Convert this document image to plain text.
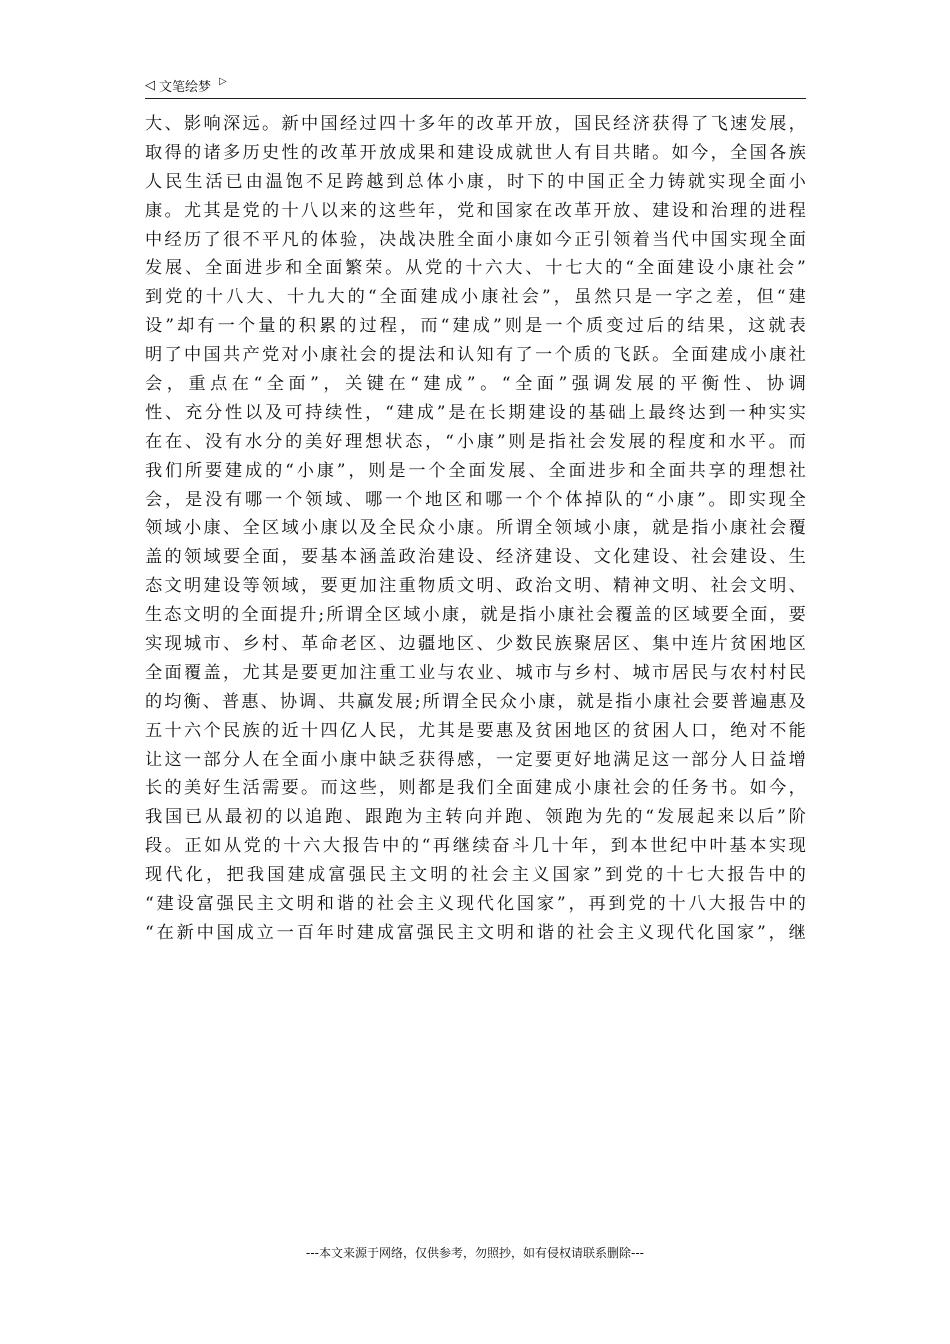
◁ 文笔绘梦 ▷
大、影响深远。新中国经过四十多年的改革开放，国民经济获得了飞速发展，
取得的诸多历史性的改革开放成果和建设成就世人有目共睹。如今，全国各族
人民生活已由温饱不足跨越到总体小康，时下的中国正全力铸就实现全面小
康。尤其是党的十八以来的这些年，党和国家在改革开放、建设和治理的进程
中经历了很不平凡的体验，决战决胜全面小康如今正引领着当代中国实现全面
发展、全面进步和全面繁荣。从党的十六大、十七大的“全面建设小康社会”
到党的十八大、十九大的“全面建成小康社会”，虽然只是一字之差，但“建
设”却有一个量的积累的过程，而“建成”则是一个质变过后的结果，这就表
明了中国共产党对小康社会的提法和认知有了一个质的飞跃。全面建成小康社
会，重点在“全面”，关键在“建成”。“全面”强调发展的平衡性、协调
性、充分性以及可持续性，“建成”是在长期建设的基础上最终达到一种实实
在在、没有水分的美好理想状态，“小康”则是指社会发展的程度和水平。而
我们所要建成的“小康”，则是一个全面发展、全面进步和全面共享的理想社
会，是没有哪一个领域、哪一个地区和哪一个个体掉队的“小康”。即实现全
领域小康、全区域小康以及全民众小康。所谓全领域小康，就是指小康社会覆
盖的领域要全面，要基本涵盖政治建设、经济建设、文化建设、社会建设、生
态文明建设等领域，要更加注重物质文明、政治文明、精神文明、社会文明、
生态文明的全面提升;所谓全区域小康，就是指小康社会覆盖的区域要全面，要
实现城市、乡村、革命老区、边疆地区、少数民族聚居区、集中连片贫困地区
全面覆盖，尤其是要更加注重工业与农业、城市与乡村、城市居民与农村村民
的均衡、普惠、协调、共赢发展;所谓全民众小康，就是指小康社会要普遍惠及
五十六个民族的近十四亿人民，尤其是要惠及贫困地区的贫困人口，绝对不能
让这一部分人在全面小康中缺乏获得感，一定要更好地满足这一部分人日益增
长的美好生活需要。而这些，则都是我们全面建成小康社会的任务书。如今，
我国已从最初的以追跑、跟跑为主转向并跑、领跑为先的“发展起来以后”阶
段。正如从党的十六大报告中的“再继续奋斗几十年，到本世纪中叶基本实现
现代化，把我国建成富强民主文明的社会主义国家”到党的十七大报告中的
“建设富强民主文明和谐的社会主义现代化国家”，再到党的十八大报告中的
“在新中国成立一百年时建成富强民主文明和谐的社会主义现代化国家”，继
---本文来源于网络，仅供参考，勿照抄，如有侵权请联系删除---
